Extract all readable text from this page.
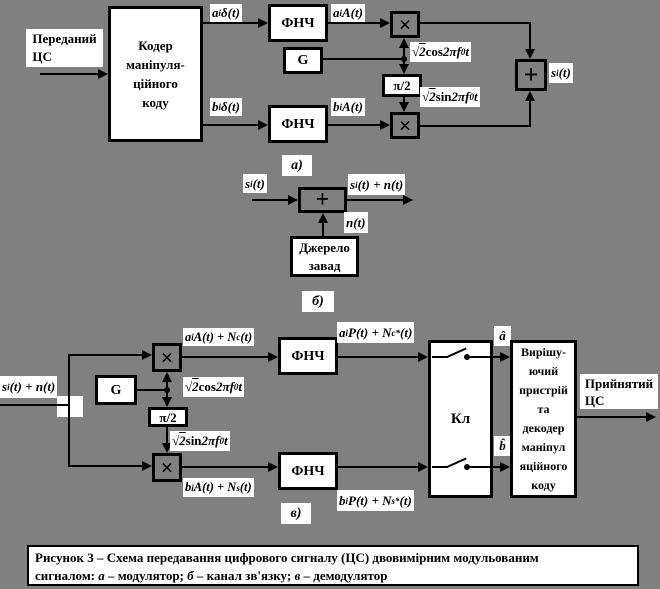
Переданий
ЦС
Кодер
маніпуля-
ційного
коду
a i δ(t)
ФНЧ
a i A(t)	×
G
√ 2 cos 2πf 0 t
π/2
√ 2 sin 2πf 0 t
b i δ(t)
ФНЧ
b i A(t)
×
+ s i (t)
а)
s i (t)
+
s i (t) + n(t)
n(t)
Джерело
завад
б)
s i (t) + n(t)
×
a i A(t) + N c (t)
G	√ 2 cos 2πf 0 t
π/2
√ 2 sin 2πf 0 t
×
b i A(t) + N s (t)
ФНЧ
ФНЧ
a i P(t) + N c * (t)
b i P(t) + N s * (t)
Кл
â
b̂
Вирішу-
ючий
пристрій
та
декодер
маніпул
яційного
коду
Прийнятий
ЦС
в)
Рисунок 3 – Схема передавання цифрового сигналу (ЦС) двовимірним модульованим
сигналом: а – модулятор; б – канал зв'язку; в – демодулятор
